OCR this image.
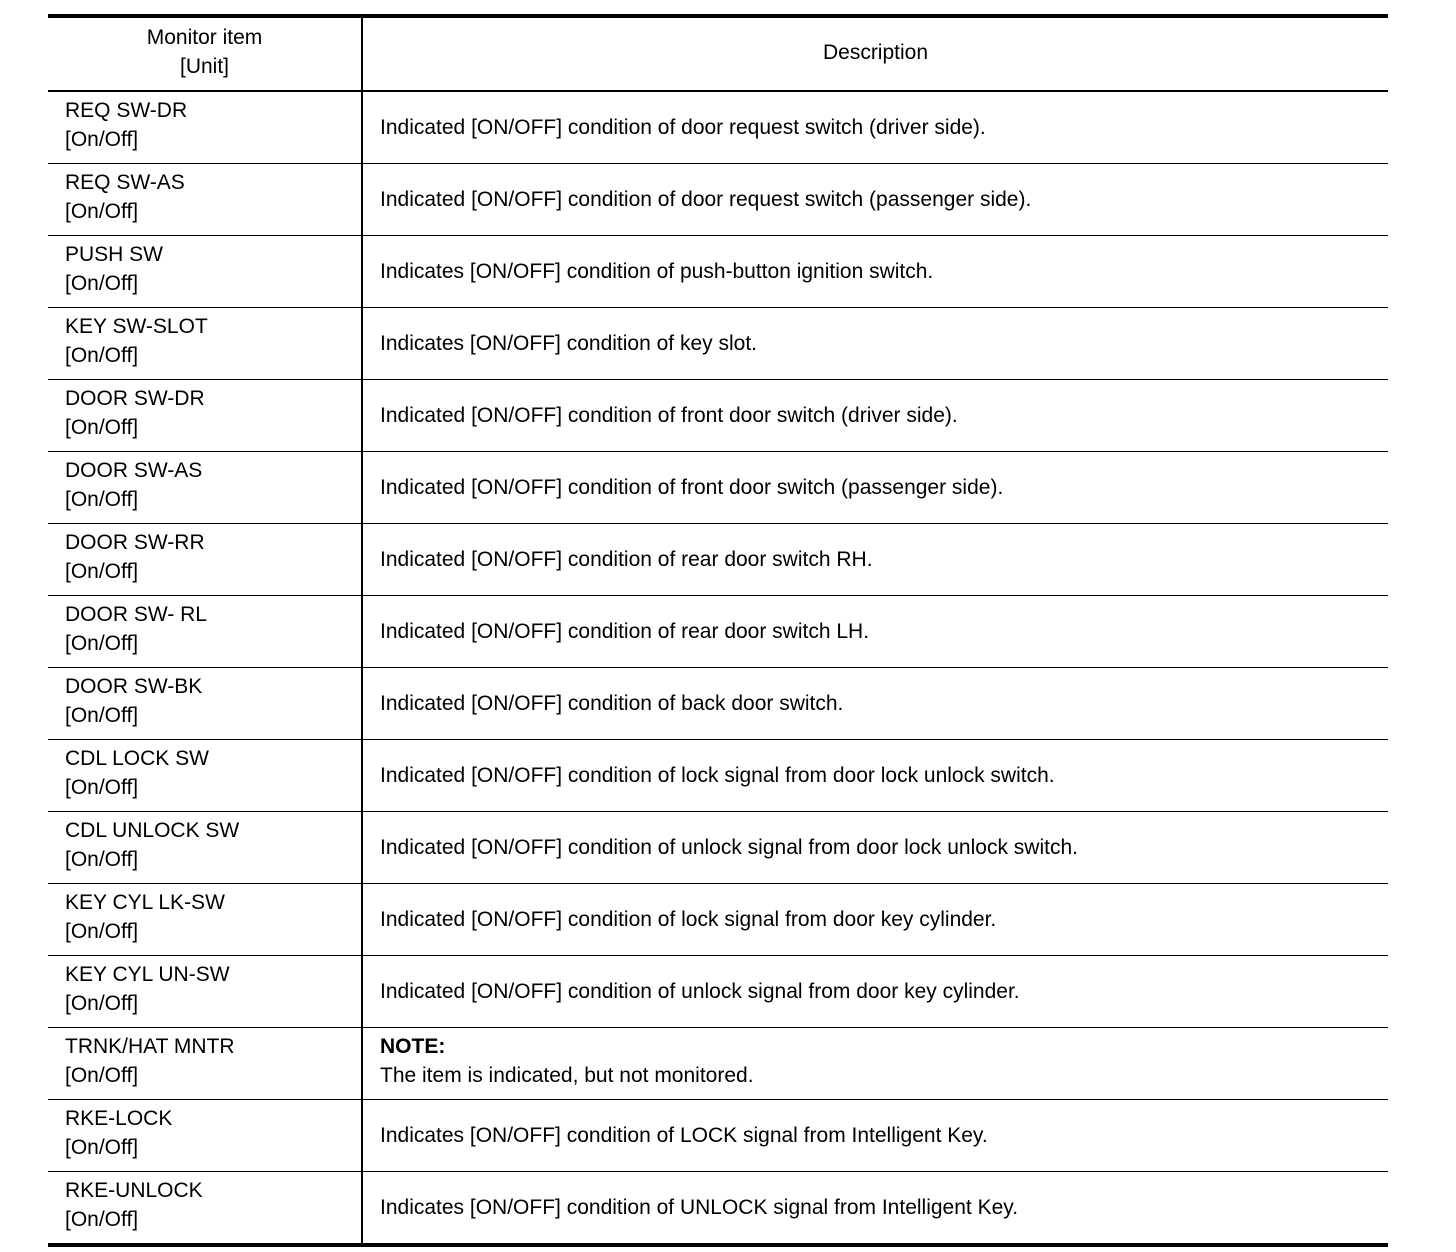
Monitor item
[Unit]
Description
REQ SW-DR
[On/Off]
Indicated [ON/OFF] condition of door request switch (driver side).
REQ SW-AS
[On/Off]
Indicated [ON/OFF] condition of door request switch (passenger side).
PUSH SW
[On/Off]
Indicates [ON/OFF] condition of push-button ignition switch.
KEY SW-SLOT
[On/Off]
Indicates [ON/OFF] condition of key slot.
DOOR SW-DR
[On/Off]
Indicated [ON/OFF] condition of front door switch (driver side).
DOOR SW-AS
[On/Off]
Indicated [ON/OFF] condition of front door switch (passenger side).
DOOR SW-RR
[On/Off]
Indicated [ON/OFF] condition of rear door switch RH.
DOOR SW- RL
[On/Off]
Indicated [ON/OFF] condition of rear door switch LH.
DOOR SW-BK
[On/Off]
Indicated [ON/OFF] condition of back door switch.
CDL LOCK SW
[On/Off]
Indicated [ON/OFF] condition of lock signal from door lock unlock switch.
CDL UNLOCK SW
[On/Off]
Indicated [ON/OFF] condition of unlock signal from door lock unlock switch.
KEY CYL LK-SW
[On/Off]
Indicated [ON/OFF] condition of lock signal from door key cylinder.
KEY CYL UN-SW
[On/Off]
Indicated [ON/OFF] condition of unlock signal from door key cylinder.
TRNK/HAT MNTR
[On/Off]
NOTE:
The item is indicated, but not monitored.
RKE-LOCK
[On/Off]
Indicates [ON/OFF] condition of LOCK signal from Intelligent Key.
RKE-UNLOCK
[On/Off]
Indicates [ON/OFF] condition of UNLOCK signal from Intelligent Key.
